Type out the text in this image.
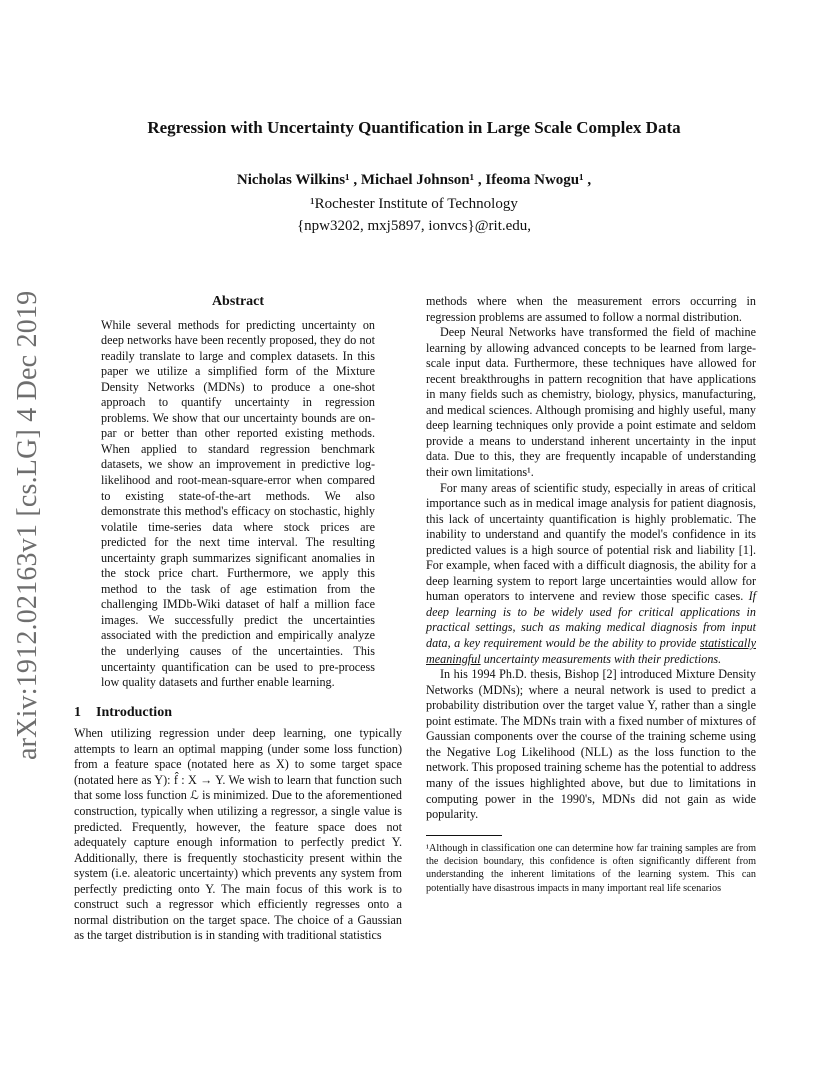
arXiv:1912.02163v1 [cs.LG] 4 Dec 2019
Regression with Uncertainty Quantification in Large Scale Complex Data
Nicholas Wilkins¹ , Michael Johnson¹ , Ifeoma Nwogu¹ ,
¹Rochester Institute of Technology
{npw3202, mxj5897, ionvcs}@rit.edu,
Abstract

While several methods for predicting uncertainty on deep networks have been recently proposed, they do not readily translate to large and complex datasets. In this paper we utilize a simplified form of the Mixture Density Networks (MDNs) to produce a one-shot approach to quantify uncertainty in regression problems. We show that our uncertainty bounds are on-par or better than other reported existing methods. When applied to standard regression benchmark datasets, we show an improvement in predictive log-likelihood and root-mean-square-error when compared to existing state-of-the-art methods. We also demonstrate this method's efficacy on stochastic, highly volatile time-series data where stock prices are predicted for the next time interval. The resulting uncertainty graph summarizes significant anomalies in the stock price chart. Furthermore, we apply this method to the task of age estimation from the challenging IMDb-Wiki dataset of half a million face images. We successfully predict the uncertainties associated with the prediction and empirically analyze the underlying causes of the uncertainties. This uncertainty quantification can be used to pre-process low quality datasets and further enable learning.

1 Introduction

When utilizing regression under deep learning, one typically attempts to learn an optimal mapping (under some loss function) from a feature space (notated here as X) to some target space (notated here as Y): f̂ : X → Y. We wish to learn that function such that some loss function ℒ is minimized. Due to the aforementioned construction, typically when utilizing a regressor, a single value is predicted. Frequently, however, the feature space does not adequately capture enough information to perfectly predict Y. Additionally, there is frequently stochasticity present within the system (i.e. aleatoric uncertainty) which prevents any system from perfectly predicting onto Y. The main focus of this work is to construct such a regressor which efficiently regresses onto a normal distribution on the target space. The choice of a Gaussian as the target distribution is in standing with traditional statistics

methods where when the measurement errors occurring in regression problems are assumed to follow a normal distribution.

Deep Neural Networks have transformed the field of machine learning by allowing advanced concepts to be learned from large-scale input data. Furthermore, these techniques have allowed for recent breakthroughs in pattern recognition that have applications in many fields such as chemistry, biology, physics, manufacturing, and medical sciences. Although promising and highly useful, many deep learning techniques only provide a point estimate and seldom provide a means to understand inherent uncertainty in the input data. Due to this, they are frequently incapable of understanding their own limitations¹.

For many areas of scientific study, especially in areas of critical importance such as in medical image analysis for patient diagnosis, this lack of uncertainty quantification is highly problematic. The inability to understand and quantify the model's confidence in its predicted values is a high source of potential risk and liability [1]. For example, when faced with a difficult diagnosis, the ability for a deep learning system to report large uncertainties would allow for human operators to intervene and review those specific cases. If deep learning is to be widely used for critical applications in practical settings, such as making medical diagnosis from input data, a key requirement would be the ability to provide statistically meaningful uncertainty measurements with their predictions.

In his 1994 Ph.D. thesis, Bishop [2] introduced Mixture Density Networks (MDNs); where a neural network is used to predict a probability distribution over the target value Y, rather than a single point estimate. The MDNs train with a fixed number of mixtures of Gaussian components over the course of the training scheme using the Negative Log Likelihood (NLL) as the loss function to the network. This proposed training scheme has the potential to address many of the issues highlighted above, but due to limitations in computing power in the 1990's, MDNs did not gain as wide popularity.

¹Although in classification one can determine how far training samples are from the decision boundary, this confidence is often significantly different from understanding the inherent limitations of the learning system. This can potentially have disastrous impacts in many important real life scenarios
